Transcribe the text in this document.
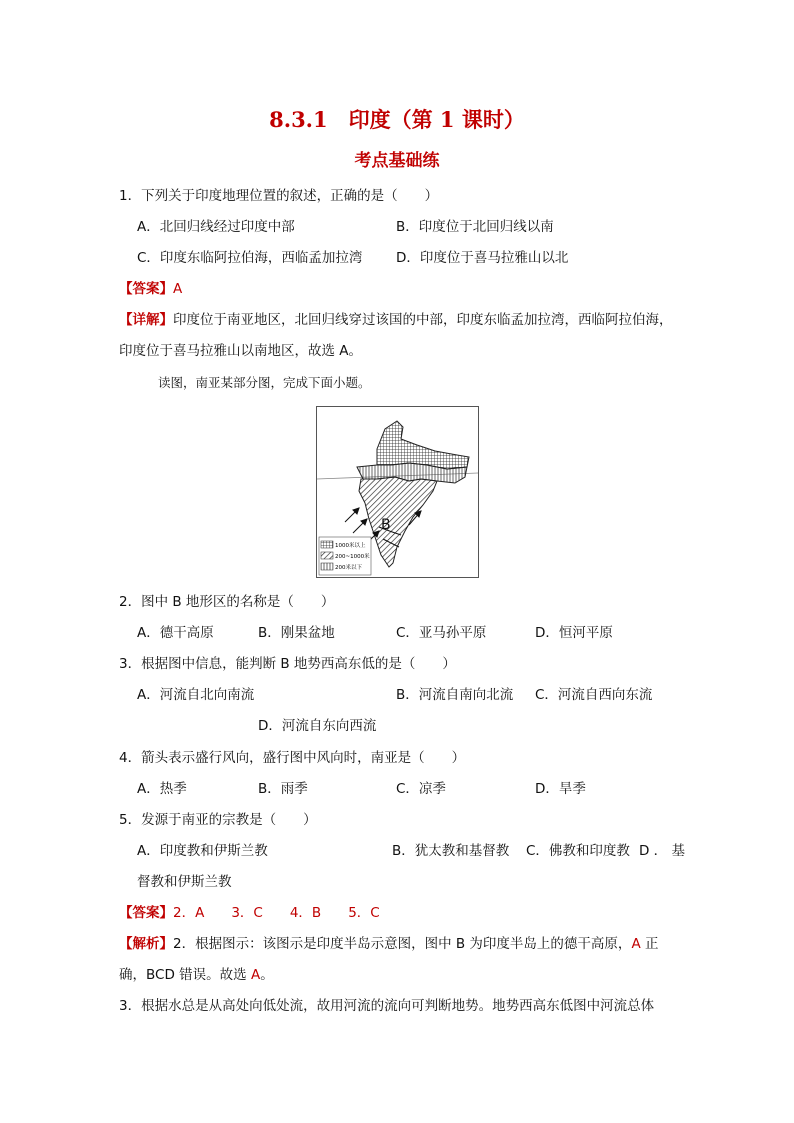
8.3.1　印度（第 1 课时）
考点基础练
1．下列关于印度地理位置的叙述，正确的是（　　）
A．北回归线经过印度中部	B．印度位于北回归线以南
C．印度东临阿拉伯海，西临孟加拉湾 D．印度位于喜马拉雅山以北
【答案】A
【详解】印度位于南亚地区，北回归线穿过该国的中部，印度东临孟加拉湾，西临阿拉伯海，
印度位于喜马拉雅山以南地区，故选 A。
读图，南亚某部分图，完成下面小题。
B
1000米以上
200~1000米
200米以下
2．图中 B 地形区的名称是（　　）
A．德干高原	B．刚果盆地	C．亚马孙平原	D．恒河平原
3．根据图中信息，能判断 B 地势西高东低的是（　　）
A．河流自北向南流	B．河流自南向北流 C．河流自西向东流
D．河流自东向西流
4．箭头表示盛行风向，盛行图中风向时，南亚是（　　）
A．热季	B．雨季	C．凉季	D．旱季
5．发源于南亚的宗教是（　　）
A．印度教和伊斯兰教	B．犹太教和基督教 C．佛教和印度教 D ． 基
督教和伊斯兰教
【答案】2．A　　3．C　　4．B　　5．C
【解析】2．根据图示：该图示是印度半岛示意图，图中 B 为印度半岛上的德干高原，A 正
确，BCD 错误。故选 A。
3．根据水总是从高处向低处流，故用河流的流向可判断地势。地势西高东低图中河流总体
